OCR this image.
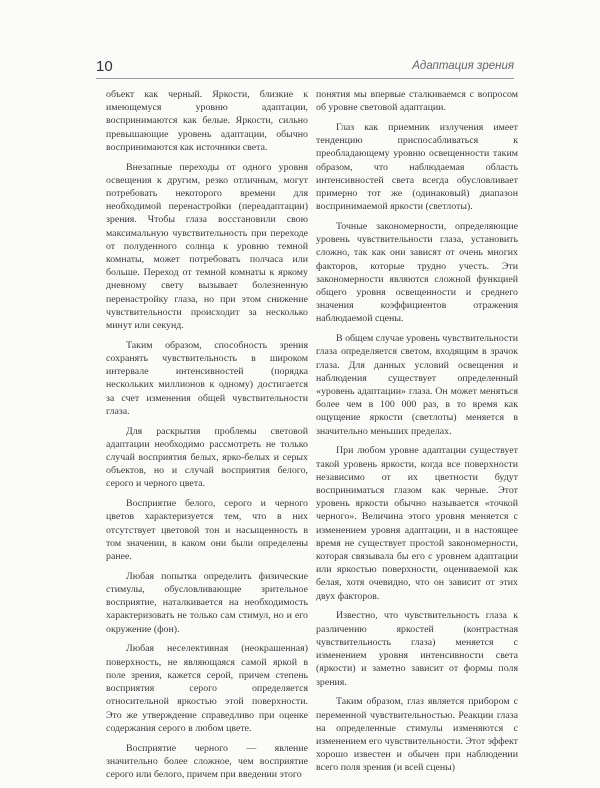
10	Адаптация зрения

объект как черный. Яркости, близкие к имеющемуся уровню адаптации, воспринимаются как белые. Яркости, сильно превышающие уровень адаптации, обычно воспринимаются как источники света.

Внезапные переходы от одного уровня освещения к другим, резко отличным, могут потребовать некоторого времени для необходимой перенастройки (переадаптации) зрения. Чтобы глаза восстановили свою максимальную чувствительность при переходе от полуденного солнца к уровню темной комнаты, может потребовать полчаса или больше. Переход от темной комнаты к яркому дневному свету вызывает болезненную перенастройку глаза, но при этом снижение чувствительности происходит за несколько минут или секунд.

Таким образом, способность зрения сохранять чувствительность в широком интервале интенсивностей (порядка нескольких миллионов к одному) достигается за счет изменения общей чувствительности глаза.

Для раскрытия проблемы световой адаптации необходимо рассмотреть не только случай восприятия белых, ярко-белых и серых объектов, но и случай восприятия белого, серого и черного цвета.

Восприятие белого, серого и черного цветов характеризуется тем, что в них отсутствует цветовой тон и насыщенность в том значении, в каком они были определены ранее.

Любая попытка определить физические стимулы, обусловливающие зрительное восприятие, наталкивается на необходимость характеризовать не только сам стимул, но и его окружение (фон).

Любая неселективная (неокрашенная) поверхность, не являющаяся самой яркой в поле зрения, кажется серой, причем степень восприятия серого определяется относительной яркостью этой поверхности. Это же утверждение справедливо при оценке содержания серого в любом цвете.

Восприятие черного — явление значительно более сложное, чем восприятие серого или белого, причем при введении этого

понятия мы впервые сталкиваемся с вопросом об уровне световой адаптации.

Глаз как приемник излучения имеет тенденцию приспосабливаться к преобладающему уровню освещенности таким образом, что наблюдаемая область интенсивностей света всегда обусловливает примерно тот же (одинаковый) диапазон воспринимаемой яркости (светлоты).

Точные закономерности, определяющие уровень чувствительности глаза, установить сложно, так как они зависят от очень многих факторов, которые трудно учесть. Эти закономерности являются сложной функцией общего уровня освещенности и среднего значения коэффициентов отражения наблюдаемой сцены.

В общем случае уровень чувствительности глаза определяется светом, входящим в зрачок глаза. Для данных условий освещения и наблюдения существует определенный «уровень адаптации» глаза. Он может меняться более чем в 100 000 раз, в то время как ощущение яркости (светлоты) меняется в значительно меньших пределах.

При любом уровне адаптации существует такой уровень яркости, когда все поверхности независимо от их цветности будут восприниматься глазом как черные. Этот уровень яркости обычно называется «точкой черного». Величина этого уровня меняется с изменением уровня адаптации, и в настоящее время не существует простой закономерности, которая связывала бы его с уровнем адаптации или яркостью поверхности, оцениваемой как белая, хотя очевидно, что он зависит от этих двух факторов.

Известно, что чувствительность глаза к различению яркостей (контрастная чувствительность глаза) меняется с изменением уровня интенсивности света (яркости) и заметно зависит от формы поля зрения.

Таким образом, глаз является прибором с переменной чувствительностью. Реакции глаза на определенные стимулы изменяются с изменением его чувствительности. Этот эффект хорошо известен и обычен при наблюдении всего поля зрения (и всей сцены)
